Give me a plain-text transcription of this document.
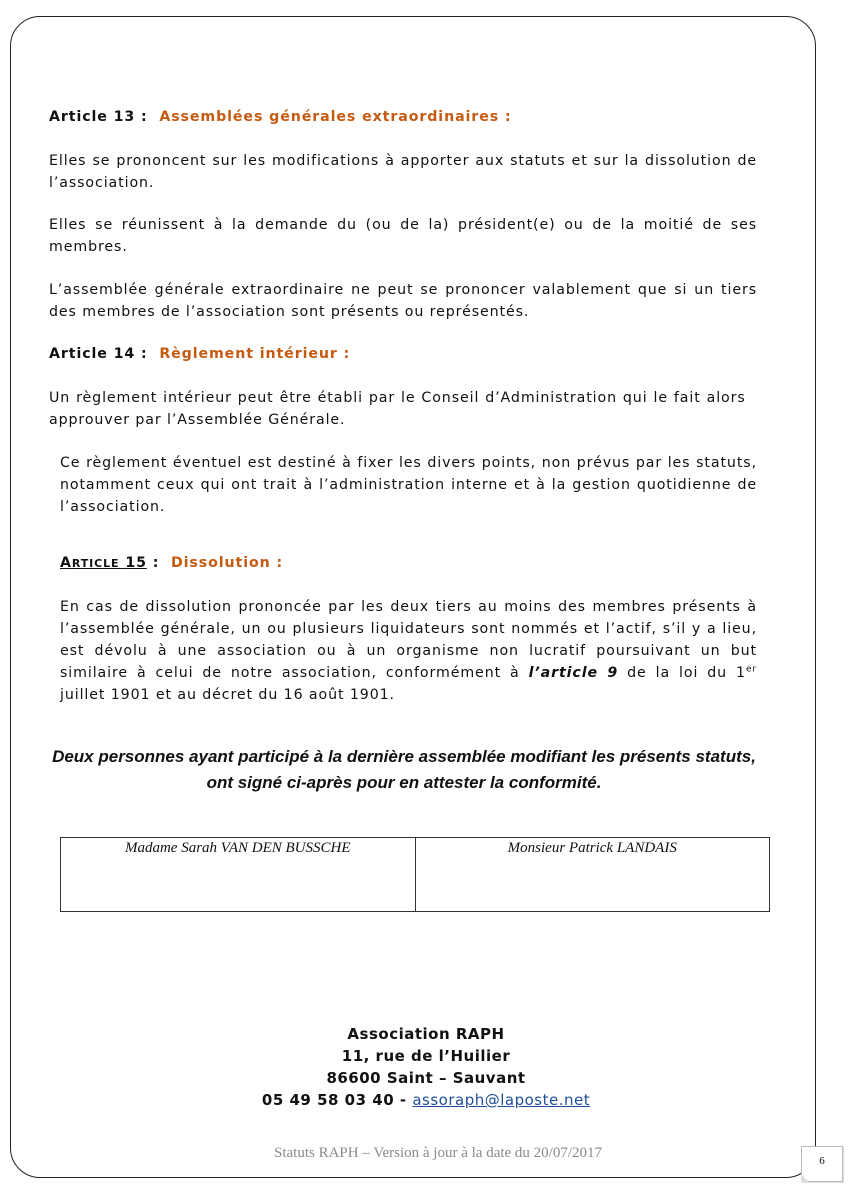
Article 13 : Assemblées générales extraordinaires :

Elles se prononcent sur les modifications à apporter aux statuts et sur la dissolution de l’association.

Elles se réunissent à la demande du (ou de la) président(e) ou de la moitié de ses membres.

L’assemblée générale extraordinaire ne peut se prononcer valablement que si un tiers des membres de l’association sont présents ou représentés.

Article 14 : Règlement intérieur :

Un règlement intérieur peut être établi par le Conseil d’Administration qui le fait alors   approuver par l’Assemblée Générale.

Ce règlement éventuel est destiné à fixer les divers points, non prévus par les statuts, notamment ceux qui ont trait à l’administration interne et à la gestion quotidienne de l’association.

ARTICLE 15 : Dissolution :

En cas de dissolution prononcée par les deux tiers au moins des membres présents à l’assemblée générale, un ou plusieurs liquidateurs sont nommés et l’actif, s’il y a lieu, est dévolu à une association ou à un organisme non lucratif poursuivant un but similaire à celui de notre association, conformément à l’article 9 de la loi du 1er juillet 1901 et au décret du 16 août 1901.

Deux personnes ayant participé à la dernière assemblée modifiant les présents statuts,
ont signé ci-après pour en attester la conformité.
Madame Sarah VAN DEN BUSSCHE	Monsieur Patrick LANDAIS
Association RAPH
11, rue de l’Huilier
86600 Saint – Sauvant
05 49 58 03 40 - assoraph@laposte.net
Statuts RAPH – Version à jour à la date du 20/07/2017	6
